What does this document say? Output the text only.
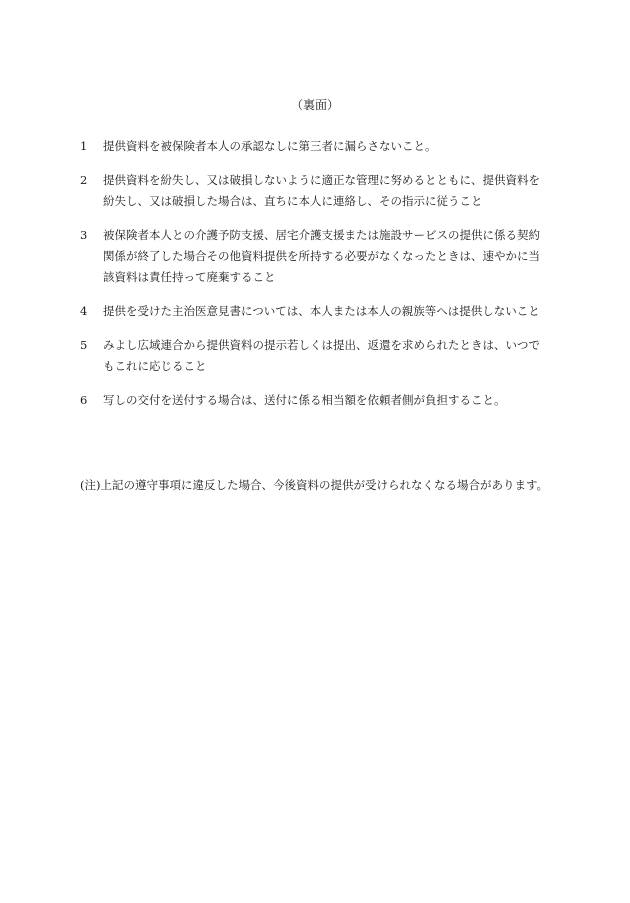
（裏面）
1	提供資料を被保険者本人の承認なしに第三者に漏らさないこと。
2	提供資料を紛失し、又は破損しないように適正な管理に努めるとともに、提供資料を
紛失し、又は破損した場合は、直ちに本人に連絡し、その指示に従うこと
3	被保険者本人との介護予防支援、居宅介護支援または施設サービスの提供に係る契約
関係が終了した場合その他資料提供を所持する必要がなくなったときは、速やかに当
該資料は責任持って廃棄すること
4	提供を受けた主治医意見書については、本人または本人の親族等へは提供しないこと
5	みよし広域連合から提供資料の提示若しくは提出、返還を求められたときは、いつで
もこれに応じること
6	写しの交付を送付する場合は、送付に係る相当額を依頼者側が負担すること。
(注)上記の遵守事項に違反した場合、今後資料の提供が受けられなくなる場合があります。
